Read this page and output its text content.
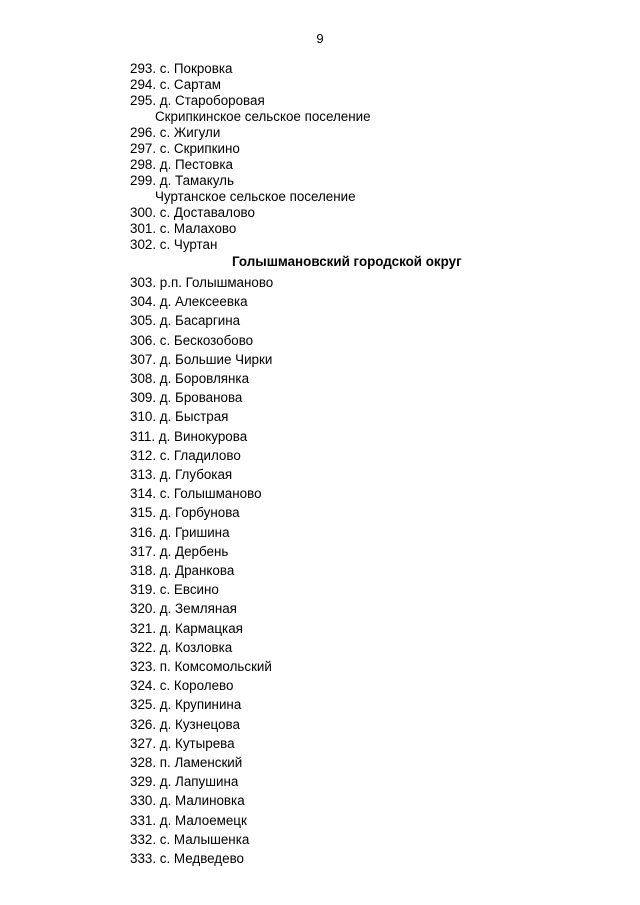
9
293. с. Покровка
294. с. Сартам
295. д. Староборовая
Скрипкинское сельское поселение
296. с. Жигули
297. с. Скрипкино
298. д. Пестовка
299. д. Тамакуль
Чуртанское сельское поселение
300. с. Доставалово
301. с. Малахово
302. с. Чуртан
Голышмановский городской округ
303. р.п. Голышманово
304. д. Алексеевка
305. д. Басаргина
306. с. Бескозобово
307. д. Большие Чирки
308. д. Боровлянка
309. д. Брованова
310. д. Быстрая
311. д. Винокурова
312. с. Гладилово
313. д. Глубокая
314. с. Голышманово
315. д. Горбунова
316. д. Гришина
317. д. Дербень
318. д. Дранкова
319. с. Евсино
320. д. Земляная
321. д. Кармацкая
322. д. Козловка
323. п. Комсомольский
324. с. Королево
325. д. Крупинина
326. д. Кузнецова
327. д. Кутырева
328. п. Ламенский
329. д. Лапушина
330. д. Малиновка
331. д. Малоемецк
332. с. Малышенка
333. с. Медведево
